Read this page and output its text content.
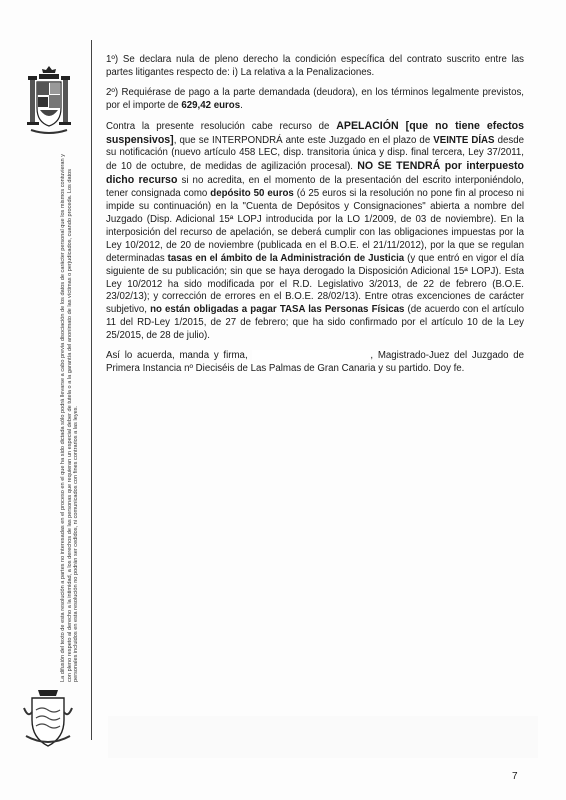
La difusión del texto de esta resolución a partes no interesadas en el proceso en el que ha sido dictada sólo podrá llevarse a cabo previa disociación de los datos de carácter personal que los mismos contuvieran y con pleno respeto al derecho a la intimidad, a los derechos de las personas que requieran un especial deber de tutela o a la garantía del anonimato de las víctimas o perjudicados, cuando proceda. Los datos personales incluidos en esta resolución no podrán ser cedidos, ni comunicados con fines contrarios a las leyes.

1º) Se declara nula de pleno derecho la condición específica del contrato suscrito entre las partes litigantes respecto de: i) La relativa a la Penalizaciones.

2º) Requiérase de pago a la parte demandada (deudora), en los términos legalmente previstos, por el importe de 629,42 euros.

Contra la presente resolución cabe recurso de APELACIÓN [que no tiene efectos suspensivos], que se INTERPONDRÁ ante este Juzgado en el plazo de VEINTE DÍAS desde su notificación (nuevo artículo 458 LEC, disp. transitoria única y disp. final tercera, Ley 37/2011, de 10 de octubre, de medidas de agilización procesal). NO SE TENDRÁ por interpuesto dicho recurso si no acredita, en el momento de la presentación del escrito interponiéndolo, tener consignada como depósito 50 euros (ó 25 euros si la resolución no pone fin al proceso ni impide su continuación) en la "Cuenta de Depósitos y Consignaciones" abierta a nombre del Juzgado (Disp. Adicional 15ª LOPJ introducida por la LO 1/2009, de 03 de noviembre). En la interposición del recurso de apelación, se deberá cumplir con las obligaciones impuestas por la Ley 10/2012, de 20 de noviembre (publicada en el B.O.E. el 21/11/2012), por la que se regulan determinadas tasas en el ámbito de la Administración de Justicia (y que entró en vigor el día siguiente de su publicación; sin que se haya derogado la Disposición Adicional 15ª LOPJ). Esta Ley 10/2012 ha sido modificada por el R.D. Legislativo 3/2013, de 22 de febrero (B.O.E. 23/02/13); y corrección de errores en el B.O.E. 28/02/13). Entre otras excenciones de carácter subjetivo, no están obligadas a pagar TASA las Personas Físicas (de acuerdo con el artículo 11 del RD-Ley 1/2015, de 27 de febrero; que ha sido confirmado por el artículo 10 de la Ley 25/2015, de 28 de julio).

Así lo acuerda, manda y firma,	, Magistrado-Juez del Juzgado de Primera Instancia nº Dieciséis de Las Palmas de Gran Canaria y su partido. Doy fe.

7
